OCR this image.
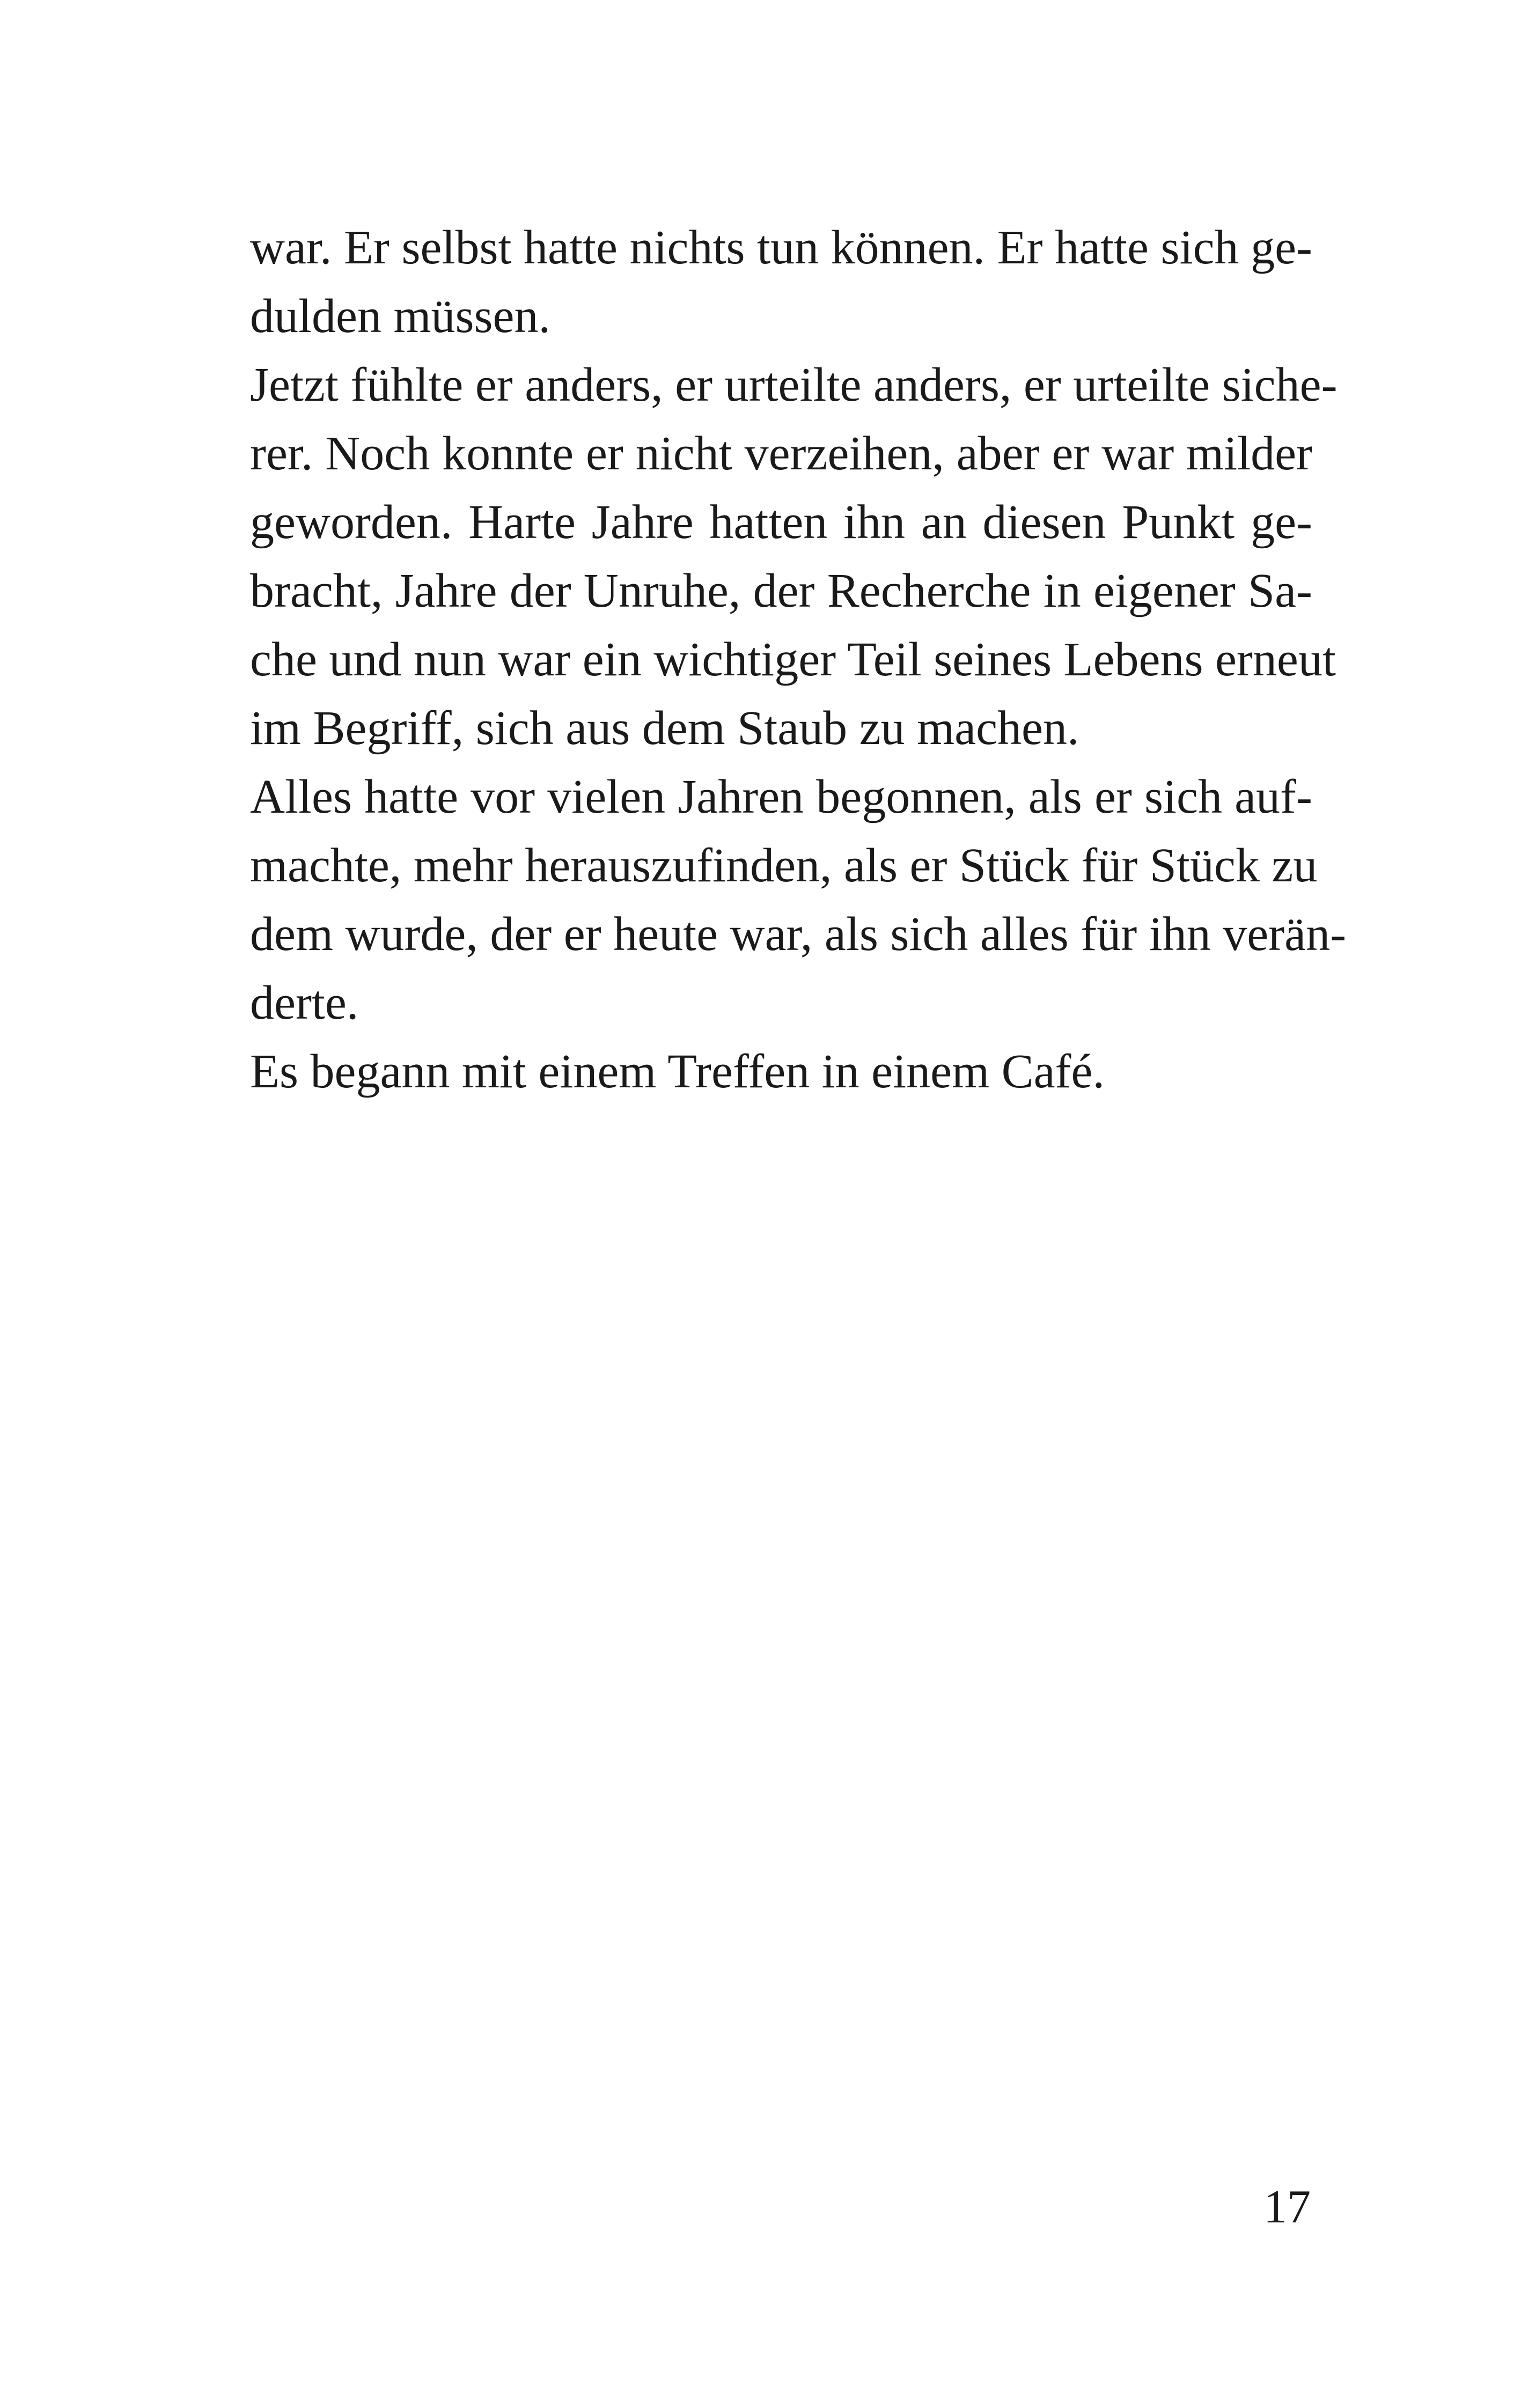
war. Er selbst hatte nichts tun können. Er hatte sich ge-
dulden müssen.
Jetzt fühlte er anders, er urteilte anders, er urteilte siche-
rer. Noch konnte er nicht verzeihen, aber er war milder
geworden. Harte Jahre hatten ihn an diesen Punkt ge-
bracht, Jahre der Unruhe, der Recherche in eigener Sa-
che und nun war ein wichtiger Teil seines Lebens erneut
im Begriff, sich aus dem Staub zu machen.
Alles hatte vor vielen Jahren begonnen, als er sich auf-
machte, mehr herauszufinden, als er Stück für Stück zu
dem wurde, der er heute war, als sich alles für ihn verän-
derte.
Es begann mit einem Treffen in einem Café.
17
